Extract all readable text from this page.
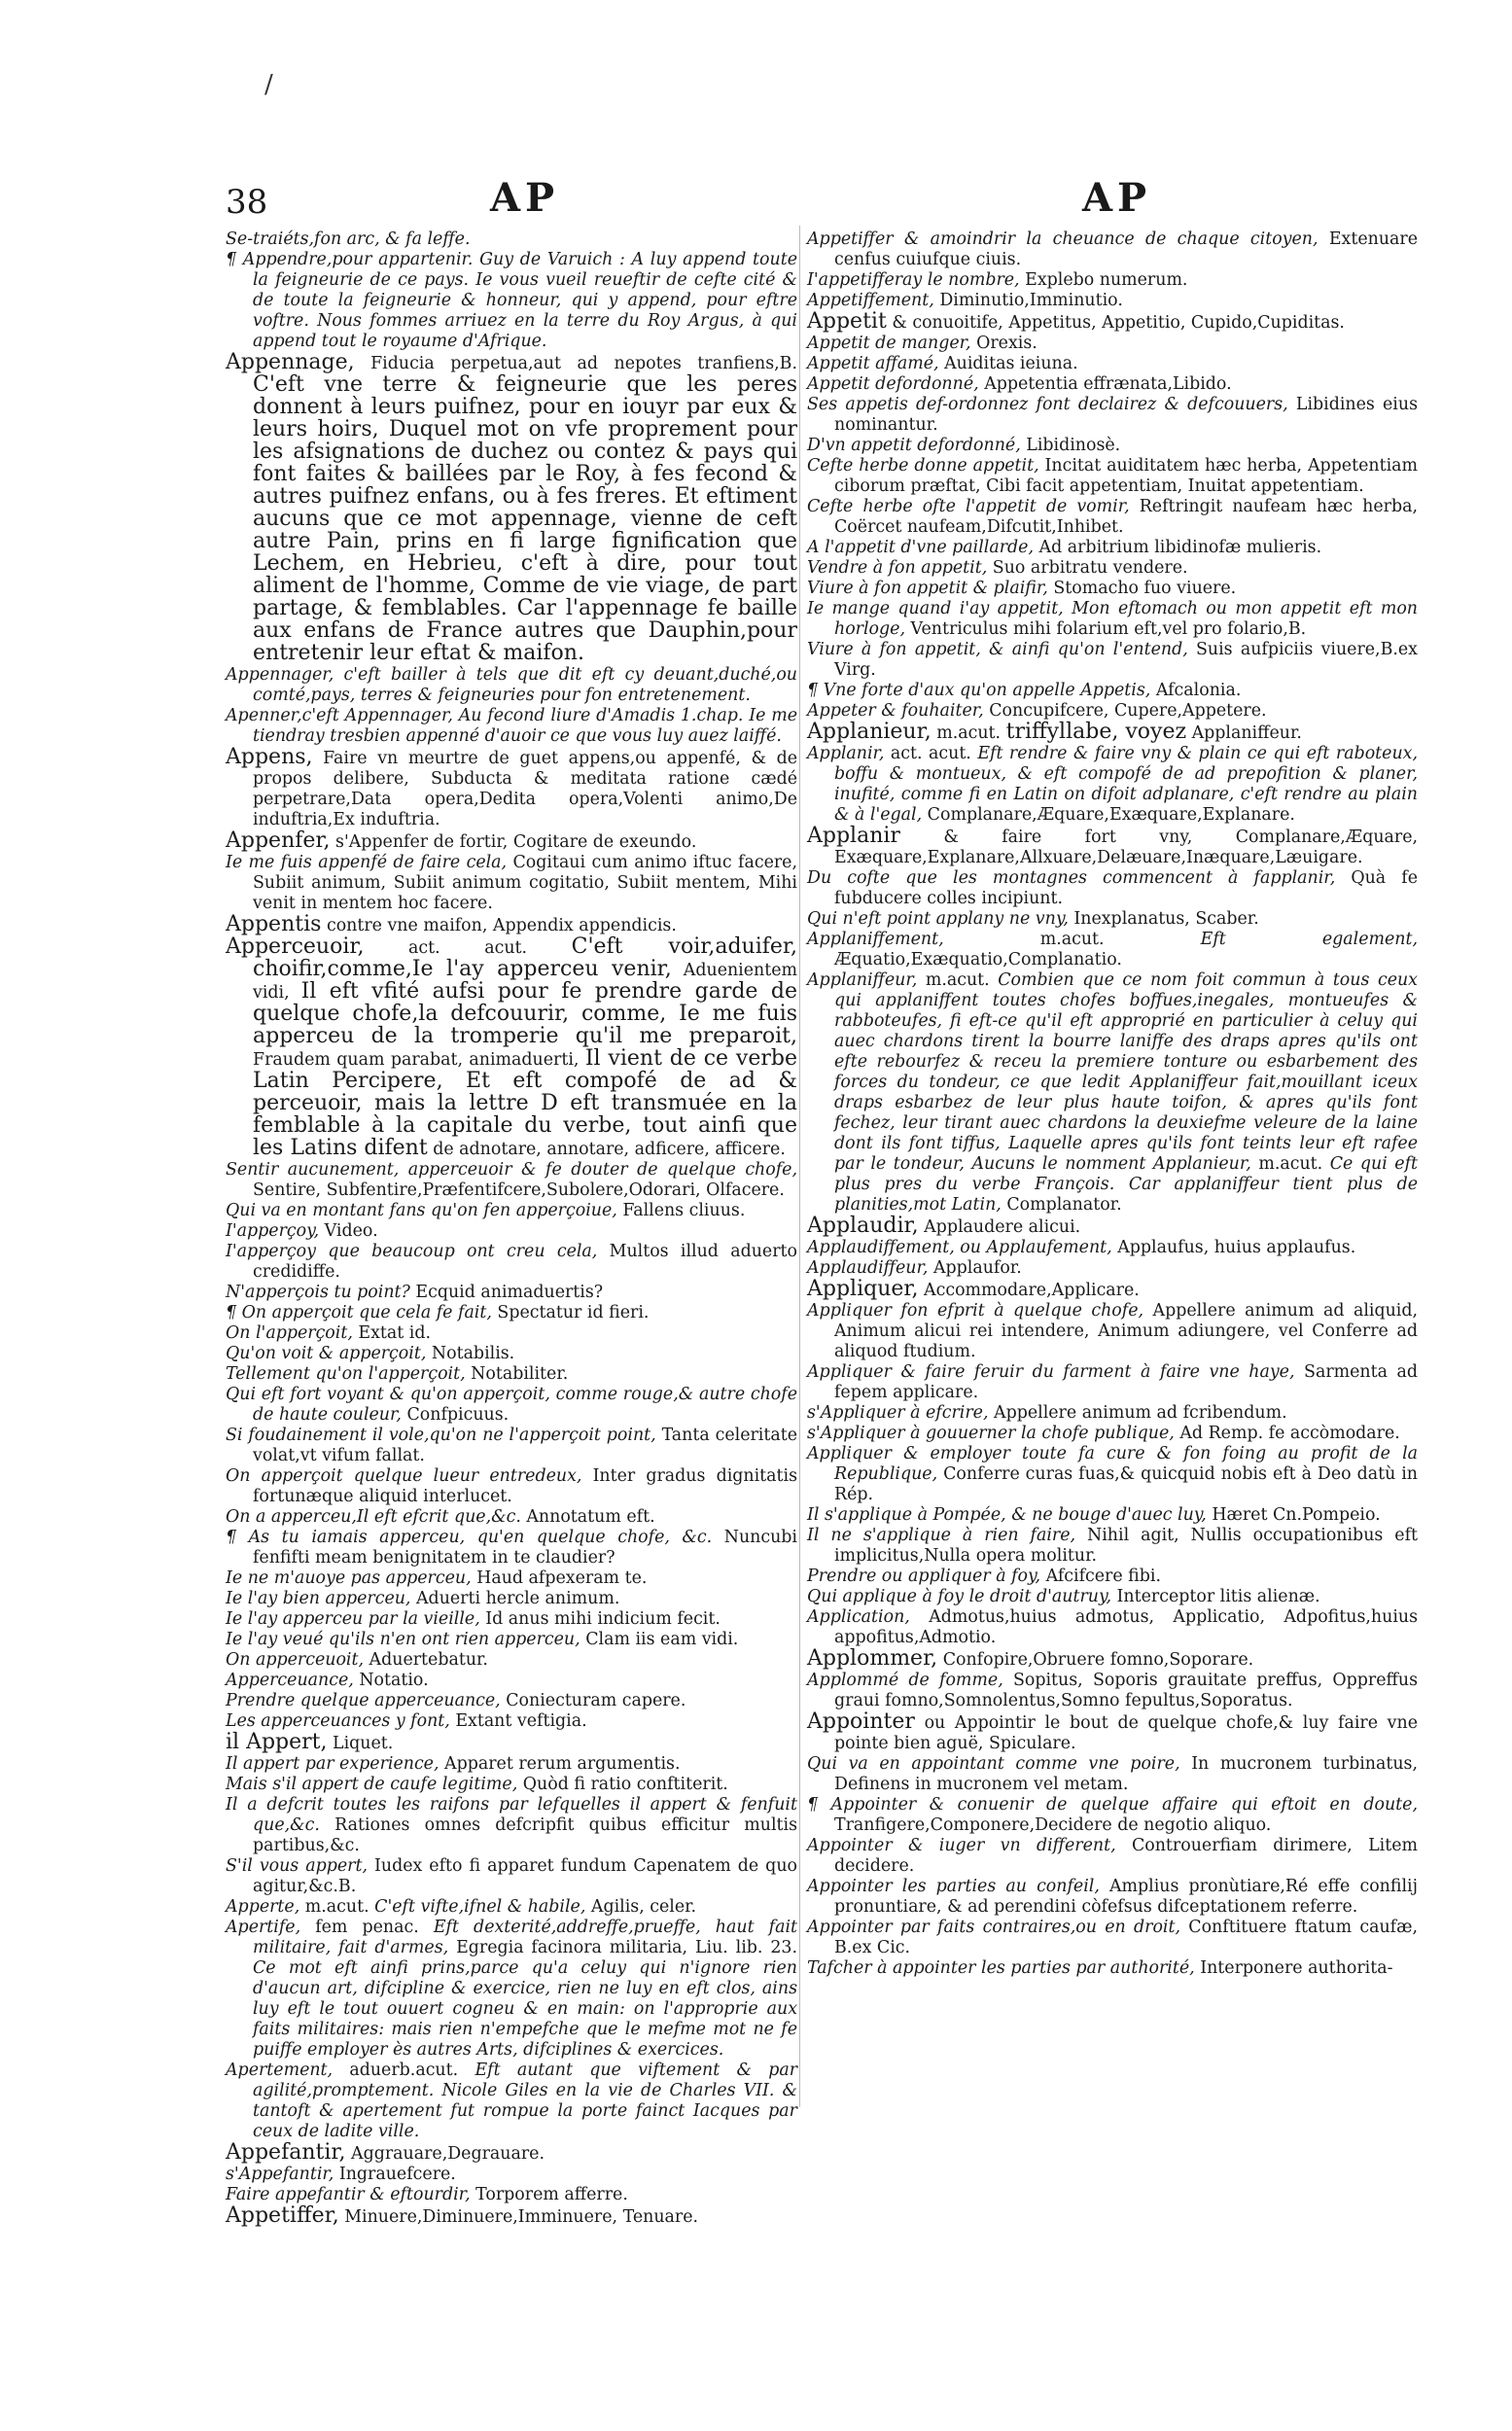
/
38	AP	AP

Se-traiéts,fon arc, & fa leffe.

¶ Appendre,pour appartenir. Guy de Varuich : A luy append toute la feigneurie de ce pays. Ie vous vueil reueftir de cefte cité & de toute la feigneurie & honneur, qui y append, pour eftre voftre. Nous fommes arriuez en la terre du Roy Argus, à qui append tout le royaume d'Afrique.

Appennage, Fiducia perpetua,aut ad nepotes tranfiens,B. C'eft vne terre & feigneurie que les peres donnent à leurs puifnez, pour en iouyr par eux & leurs hoirs, Duquel mot on vfe proprement pour les afsignations de duchez ou contez & pays qui font faites & baillées par le Roy, à fes fecond & autres puifnez enfans, ou à fes freres. Et eftiment aucuns que ce mot appennage, vienne de ceft autre Pain, prins en fi large fignification que Lechem, en Hebrieu, c'eft à dire, pour tout aliment de l'homme, Comme de vie viage, de part partage, & femblables. Car l'appennage fe baille aux enfans de France autres que Dauphin,pour entretenir leur eftat & maifon.

Appennager, c'eft bailler à tels que dit eft cy deuant,duché,ou comté,pays, terres & feigneuries pour fon entretenement.

Apenner,c'eft Appennager, Au fecond liure d'Amadis 1.chap. Ie me tiendray tresbien appenné d'auoir ce que vous luy auez laiffé.

Appens, Faire vn meurtre de guet appens,ou appenfé, & de propos delibere, Subducta & meditata ratione cædé perpetrare,Data opera,Dedita opera,Volenti animo,De induftria,Ex induftria.

Appenfer, s'Appenfer de fortir, Cogitare de exeundo.

Ie me fuis appenfé de faire cela, Cogitaui cum animo iftuc facere, Subiit animum, Subiit animum cogitatio, Subiit mentem, Mihi venit in mentem hoc facere.

Appentis contre vne maifon, Appendix appendicis.

Apperceuoir,	act. acut. C'eft voir,aduifer, choifir,comme,Ie l'ay apperceu venir, Aduenientem vidi, Il eft vfité aufsi pour fe prendre garde de quelque chofe,la defcouurir, comme, Ie me fuis apperceu de la tromperie qu'il me preparoit, Fraudem quam parabat, animaduerti, Il vient de ce verbe Latin Percipere, Et eft compofé de ad & perceuoir, mais la lettre D eft transmuée en la femblable à la capitale du verbe, tout ainfi que les Latins difent de adnotare, annotare, adficere, afficere.

Sentir aucunement, apperceuoir & fe douter de quelque chofe, Sentire, Subfentire,Præfentifcere,Subolere,Odorari, Olfacere.

Qui va en montant fans qu'on fen apperçoiue, Fallens cliuus.

I'apperçoy, Video.

I'apperçoy que beaucoup ont creu cela, Multos illud aduerto credidiffe.

N'apperçois tu point? Ecquid animaduertis?

¶ On apperçoit que cela fe fait, Spectatur id fieri.

On l'apperçoit, Extat id.

Qu'on voit & apperçoit, Notabilis.

Tellement qu'on l'apperçoit, Notabiliter.

Qui eft fort voyant & qu'on apperçoit, comme rouge,& autre chofe de haute couleur, Confpicuus.

Si foudainement il vole,qu'on ne l'apperçoit point, Tanta celeritate volat,vt vifum fallat.

On apperçoit quelque lueur entredeux, Inter gradus dignitatis fortunæque aliquid interlucet.

On a apperceu,Il eft efcrit que,&c. Annotatum eft.

¶ As tu iamais apperceu, qu'en quelque chofe, &c. Nuncubi fenfifti meam benignitatem in te claudier?

Ie ne m'auoye pas apperceu, Haud afpexeram te.

Ie l'ay bien apperceu, Aduerti hercle animum.

Ie l'ay apperceu par la vieille, Id anus mihi indicium fecit.

Ie l'ay veué qu'ils n'en ont rien apperceu, Clam iis eam vidi.

On apperceuoit, Aduertebatur.

Apperceuance, Notatio.

Prendre quelque apperceuance, Coniecturam capere.

Les apperceuances y font, Extant veftigia.

il Appert, Liquet.

Il appert par experience, Apparet rerum argumentis.

Mais s'il appert de caufe legitime, Quòd fi ratio conftiterit.

Il a defcrit toutes les raifons par lefquelles il appert & fenfuit que,&c. Rationes omnes defcripfit quibus efficitur multis partibus,&c.

S'il vous appert, Iudex efto fi apparet fundum Capenatem de quo agitur,&c.B.

Apperte, m.acut. C'eft vifte,ifnel & habile, Agilis, celer.

Apertife, fem penac. Eft dexterité,addreffe,prueffe, haut fait militaire, fait d'armes, Egregia facinora militaria, Liu. lib. 23. Ce mot eft ainfi prins,parce qu'a celuy qui n'ignore rien d'aucun art, difcipline & exercice, rien ne luy en eft clos, ains luy eft le tout ouuert cogneu & en main: on l'approprie aux faits militaires: mais rien n'empefche que le mefme mot ne fe puiffe employer ès autres Arts, difciplines & exercices.

Apertement, aduerb.acut. Eft autant que viftement & par agilité,promptement. Nicole Giles en la vie de Charles VII. & tantoft & apertement fut rompue la porte fainct Iacques par ceux de ladite ville.

Appefantir, Aggrauare,Degrauare.

s'Appefantir, Ingrauefcere.

Faire appefantir & eftourdir, Torporem afferre.

Appetiffer, Minuere,Diminuere,Imminuere, Tenuare.

Appetiffer & amoindrir la cheuance de chaque citoyen, Extenuare cenfus cuiufque ciuis.

I'appetifferay le nombre, Explebo numerum.

Appetiffement, Diminutio,Imminutio.

Appetit & conuoitife, Appetitus, Appetitio, Cupido,Cupiditas.

Appetit de manger, Orexis.

Appetit affamé, Auiditas ieiuna.

Appetit defordonné, Appetentia effrænata,Libido.

Ses appetis def-ordonnez font declairez & defcouuers, Libidines eius nominantur.

D'vn appetit defordonné, Libidinosè.

Cefte herbe donne appetit, Incitat auiditatem hæc herba, Appetentiam ciborum præftat, Cibi facit appetentiam, Inuitat appetentiam.

Cefte herbe ofte l'appetit de vomir, Reftringit naufeam hæc herba, Coërcet naufeam,Difcutit,Inhibet.

A l'appetit d'vne paillarde, Ad arbitrium libidinofæ mulieris.

Vendre à fon appetit, Suo arbitratu vendere.

Viure à fon appetit & plaifir, Stomacho fuo viuere.

Ie mange quand i'ay appetit, Mon eftomach ou mon appetit eft mon horloge, Ventriculus mihi folarium eft,vel pro folario,B.

Viure à fon appetit, & ainfi qu'on l'entend, Suis aufpiciis viuere,B.ex Virg.

¶ Vne forte d'aux qu'on appelle Appetis, Afcalonia.

Appeter & fouhaiter, Concupifcere, Cupere,Appetere.

Applanieur, m.acut. triffyllabe, voyez Applaniffeur.

Applanir, act. acut. Eft rendre & faire vny & plain ce qui eft raboteux, boffu & montueux, & eft compofé de ad prepofition & planer, inufité, comme fi en Latin on difoit adplanare, c'eft rendre au plain & à l'egal, Complanare,Æquare,Exæquare,Explanare.

Applanir	& faire fort vny,	Complanare,Æquare, Exæquare,Explanare,Allxuare,Delæuare,Inæquare,Læuigare.

Du cofte que les montagnes commencent à fapplanir, Quà fe fubducere colles incipiunt.

Qui n'eft point applany ne vny, Inexplanatus, Scaber.

Applaniffement,	m.acut.	Eft egalement, Æquatio,Exæquatio,Complanatio.

Applaniffeur, m.acut. Combien que ce nom foit commun à tous ceux qui applaniffent toutes chofes boffues,inegales, montueufes & rabboteufes, fi eft-ce qu'il eft approprié en particulier à celuy qui auec chardons tirent la bourre laniffe des draps apres qu'ils ont efte rebourfez & receu la premiere tonture ou esbarbement des forces du tondeur, ce que ledit Applaniffeur fait,mouillant iceux draps esbarbez de leur plus haute toifon, & apres qu'ils font fechez, leur tirant auec chardons la deuxiefme veleure de la laine dont ils font tiffus, Laquelle apres qu'ils font teints leur eft rafee par le tondeur, Aucuns le nomment Applanieur, m.acut. Ce qui eft plus pres du verbe François. Car applaniffeur tient plus de planities,mot Latin, Complanator.

Applaudir, Applaudere alicui.

Applaudiffement, ou Applaufement, Applaufus, huius applaufus.

Applaudiffeur, Applaufor.

Appliquer, Accommodare,Applicare.

Appliquer fon efprit à quelque chofe, Appellere animum ad aliquid, Animum alicui rei intendere, Animum adiungere, vel Conferre ad aliquod ftudium.

Appliquer & faire feruir du farment à faire vne haye, Sarmenta ad fepem applicare.

s'Appliquer à efcrire, Appellere animum ad fcribendum.

s'Appliquer à gouuerner la chofe publique, Ad Remp. fe accòmodare.

Appliquer & employer toute fa cure & fon foing au profit de la Republique, Conferre curas fuas,& quicquid nobis eft à Deo datù in Rép.

Il s'applique à Pompée, & ne bouge d'auec luy, Hæret Cn.Pompeio.

Il ne s'applique à rien faire, Nihil agit, Nullis occupationibus eft implicitus,Nulla opera molitur.

Prendre ou appliquer à foy, Afcifcere fibi.

Qui applique à foy le droit d'autruy, Interceptor litis alienæ.

Application, Admotus,huius admotus, Applicatio, Adpofitus,huius appofitus,Admotio.

Applommer, Confopire,Obruere fomno,Soporare.

Applommé de fomme, Sopitus, Soporis grauitate preffus, Oppreffus graui fomno,Somnolentus,Somno fepultus,Soporatus.

Appointer ou Appointir le bout de quelque chofe,& luy faire vne pointe bien aguë, Spiculare.

Qui va en appointant comme vne poire, In mucronem turbinatus, Definens in mucronem vel metam.

¶ Appointer & conuenir de quelque affaire qui eftoit en doute, Tranfigere,Componere,Decidere de negotio aliquo.

Appointer & iuger vn different, Controuerfiam dirimere, Litem decidere.

Appointer les parties au confeil, Amplius pronùtiare,Ré effe confilij pronuntiare, & ad perendini còfefsus difceptationem referre.

Appointer par faits contraires,ou en droit, Conftituere ftatum caufæ, B.ex Cic.

Tafcher à appointer les parties par authorité, Interponere authorita-
